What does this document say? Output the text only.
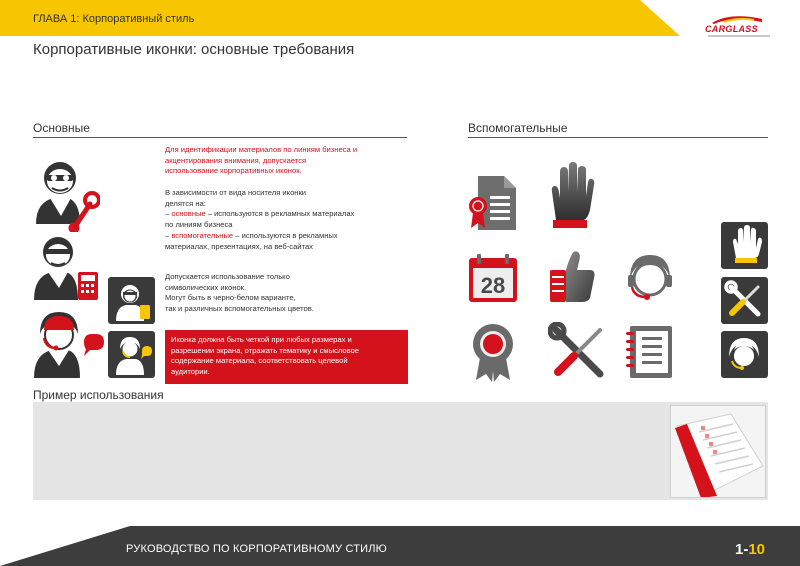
ГЛАВА 1: Корпоративный стиль
CARGLASS
Корпоративные иконки: основные требования
Основные	Вспомогательные
Для идентификации материалов по линиям бизнеса и
акцентирования внимания, допускается
использование корпоративных иконок.
В зависимости от вида носителя иконки
делятся на:
– основные – используются в рекламных материалах
по линиям бизнеса
– вспомогательные – используются в рекламных
материалах, презентациях, на веб-сайтах
Допускается использование только
символических иконок.
Могут быть в черно-белом варианте,
так и различных вспомогательных цветов.
Иконка должна быть четкой при любых размерах и
разрешении экрана, отражать тематику и смысловое
содержание материала, соответствовать целевой
аудитории.
28
Пример использования
РУКОВОДСТВО ПО КОРПОРАТИВНОМУ СТИЛЮ	1-10
